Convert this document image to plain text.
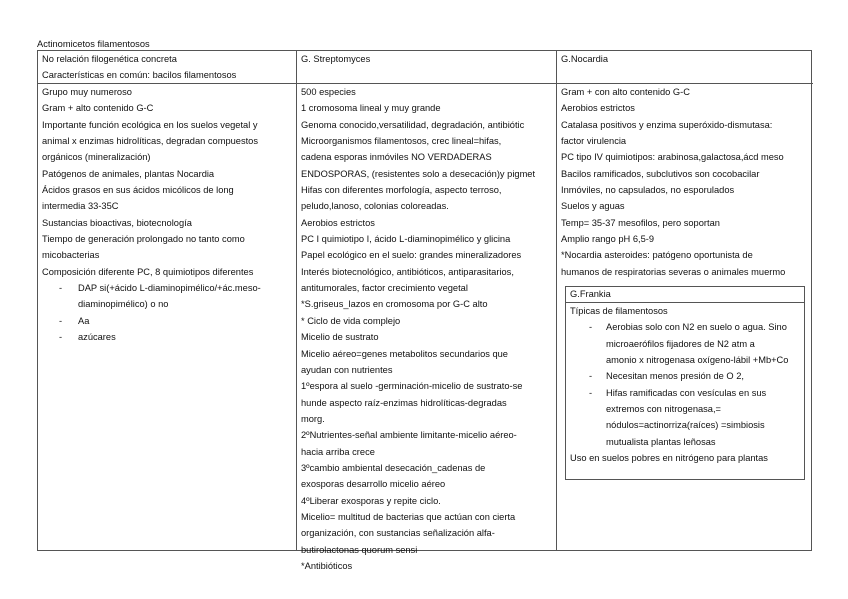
Actinomicetos filamentosos
No relación filogenética concreta
Características en común: bacilos filamentosos
Grupo muy numeroso
Gram + alto contenido G-C
Importante función ecológica en los suelos vegetal y
animal x enzimas hidrolíticas, degradan compuestos
orgánicos (mineralización)
Patógenos de animales, plantas Nocardia
Ácidos grasos en sus ácidos micólicos de long
intermedia 33-35C
Sustancias bioactivas, biotecnología
Tiempo de generación prolongado no tanto como
micobacterias
Composición diferente PC, 8 quimiotipos diferentes
- DAP si(+ácido L-diaminopimélico/+ác.meso-
diaminopimélico) o no
- Aa
- azúcares
G. Streptomyces
500 especies
1 cromosoma lineal y muy grande
Genoma conocido,versatilidad, degradación, antibiótic
Microorganismos filamentosos, crec lineal=hifas,
cadena esporas inmóviles NO VERDADERAS
ENDOSPORAS, (resistentes solo a desecación)y pigmet
Hifas con diferentes morfología, aspecto terroso,
peludo,lanoso, colonias coloreadas.
Aerobios estrictos
PC I quimiotipo I, ácido L-diaminopimélico y glicina
Papel ecológico en el suelo: grandes mineralizadores
Interés biotecnológico, antibióticos, antiparasitarios,
antitumorales, factor crecimiento vegetal
*S.griseus_lazos en cromosoma por G-C alto
* Ciclo de vida complejo
Micelio de sustrato
Micelio aéreo=genes metabolitos secundarios que
ayudan con nutrientes
1ºespora al suelo -germinación-micelio de sustrato-se
hunde aspecto raíz-enzimas hidrolíticas-degradas
morg.
2ºNutrientes-señal ambiente limitante-micelio aéreo-
hacia arriba crece
3ºcambio ambiental desecación_cadenas de
exosporas desarrollo micelio aéreo
4ºLiberar exosporas y repite ciclo.
Micelio= multitud de bacterias que actúan con cierta
organización, con sustancias señalización alfa-
butirolactonas quorum sensi
*Antibióticos
G.Nocardia
Gram + con alto contenido G-C
Aerobios estrictos
Catalasa positivos y enzima superóxido-dismutasa:
factor virulencia
PC tipo IV quimiotipos: arabinosa,galactosa,ácd meso
Bacilos ramificados, subclutivos son cocobacilar
Inmóviles, no capsulados, no esporulados
Suelos y aguas
Temp= 35-37 mesofilos, pero soportan
Amplio rango pH 6,5-9
*Nocardia asteroides: patógeno oportunista de
humanos de respiratorias severas o animales muermo
G.Frankia
Típicas de filamentosos
- Aerobias solo con N2 en suelo o agua. Sino
microaerófilos fijadores de N2 atm a
amonio x nitrogenasa oxígeno-lábil +Mb+Co
- Necesitan menos presión de O 2,
- Hifas ramificadas con vesículas en sus
extremos con nitrogenasa,=
nódulos=actinorriza(raíces) =simbiosis
mutualista plantas leñosas
Uso en suelos pobres en nitrógeno para plantas
